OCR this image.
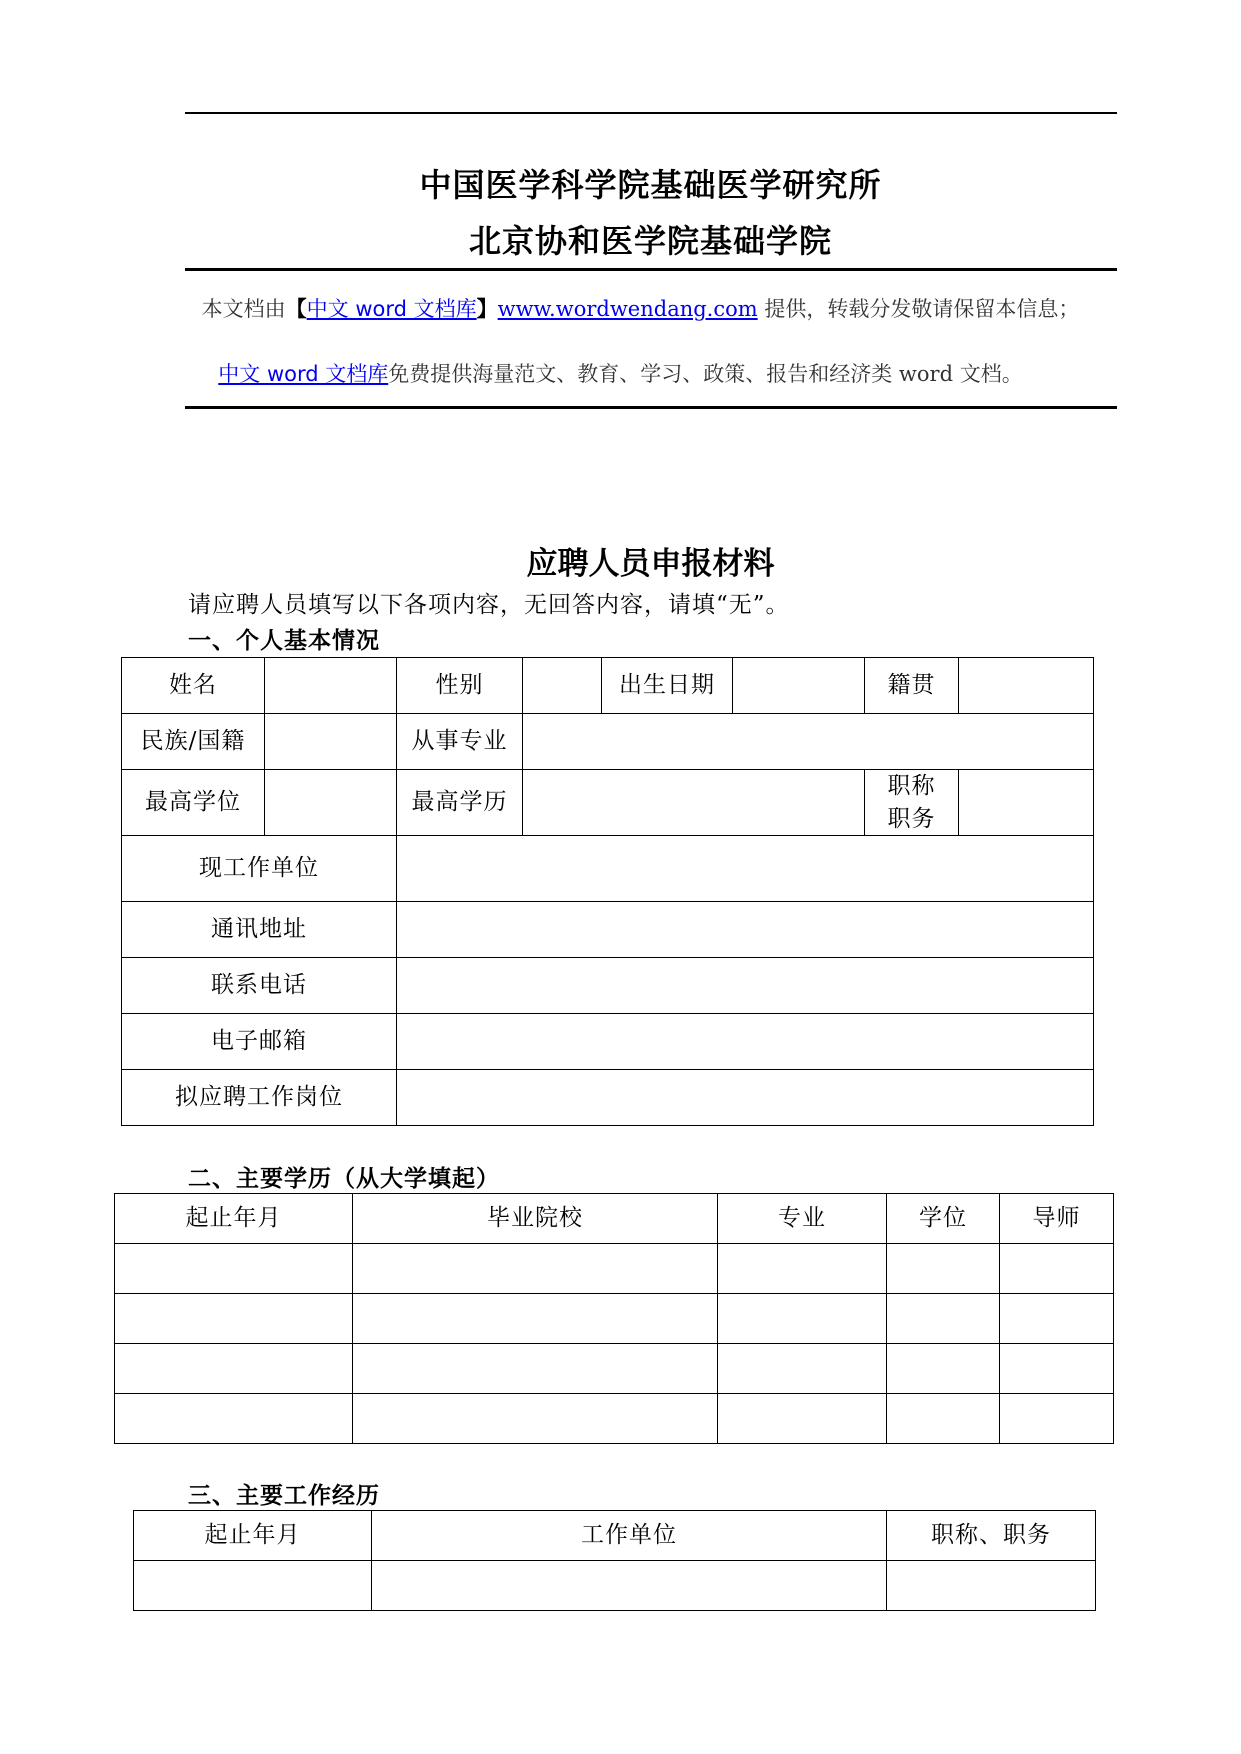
中国医学科学院基础医学研究所
北京协和医学院基础学院
本文档由【中文 word 文档库】www.wordwendang.com 提供，转载分发敬请保留本信息；
中文 word 文档库免费提供海量范文、教育、学习、政策、报告和经济类 word 文档。
应聘人员申报材料
请应聘人员填写以下各项内容，无回答内容，请填“无”。
一、个人基本情况
姓名		性别		出生日期		籍贯	
民族/国籍		从事专业					
最高学位		最高学历				职称职务	
现工作单位							
通讯地址							
联系电话							
电子邮箱							
拟应聘工作岗位							
二、主要学历（从大学填起）
起止年月	毕业院校	专业	学位	导师

三、主要工作经历
起止年月	工作单位	职称、职务
